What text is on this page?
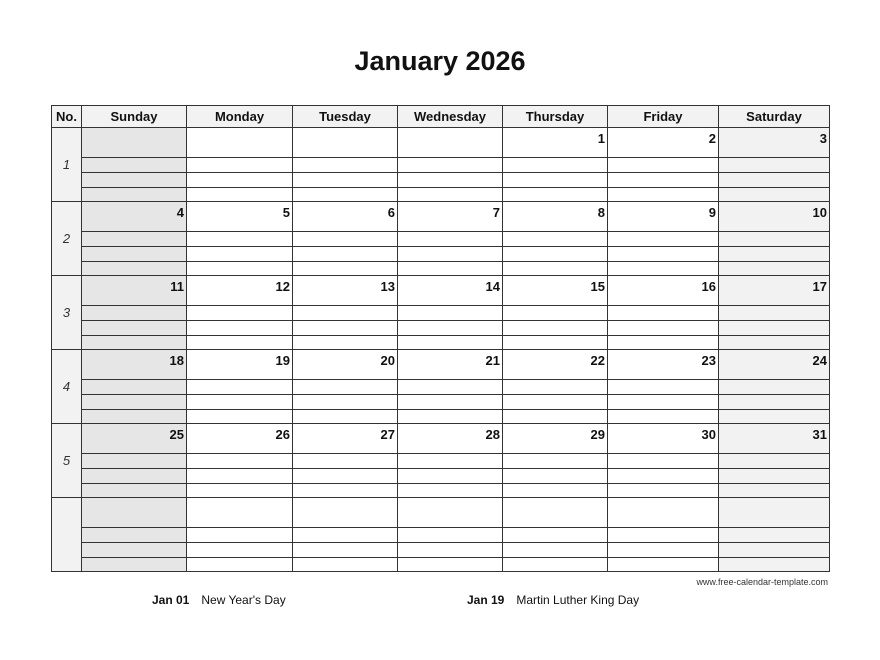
January 2026
No.	Sunday	Monday	Tuesday	Wednesday	Thursday	Friday	Saturday
1					1	2	3

2	4	5	6	7	8	9	10

3	11	12	13	14	15	16	17

4	18	19	20	21	22	23	24

5	25	26	27	28	29	30	31

www.free-calendar-template.com
Jan 01 New Year's Day	Jan 19 Martin Luther King Day
